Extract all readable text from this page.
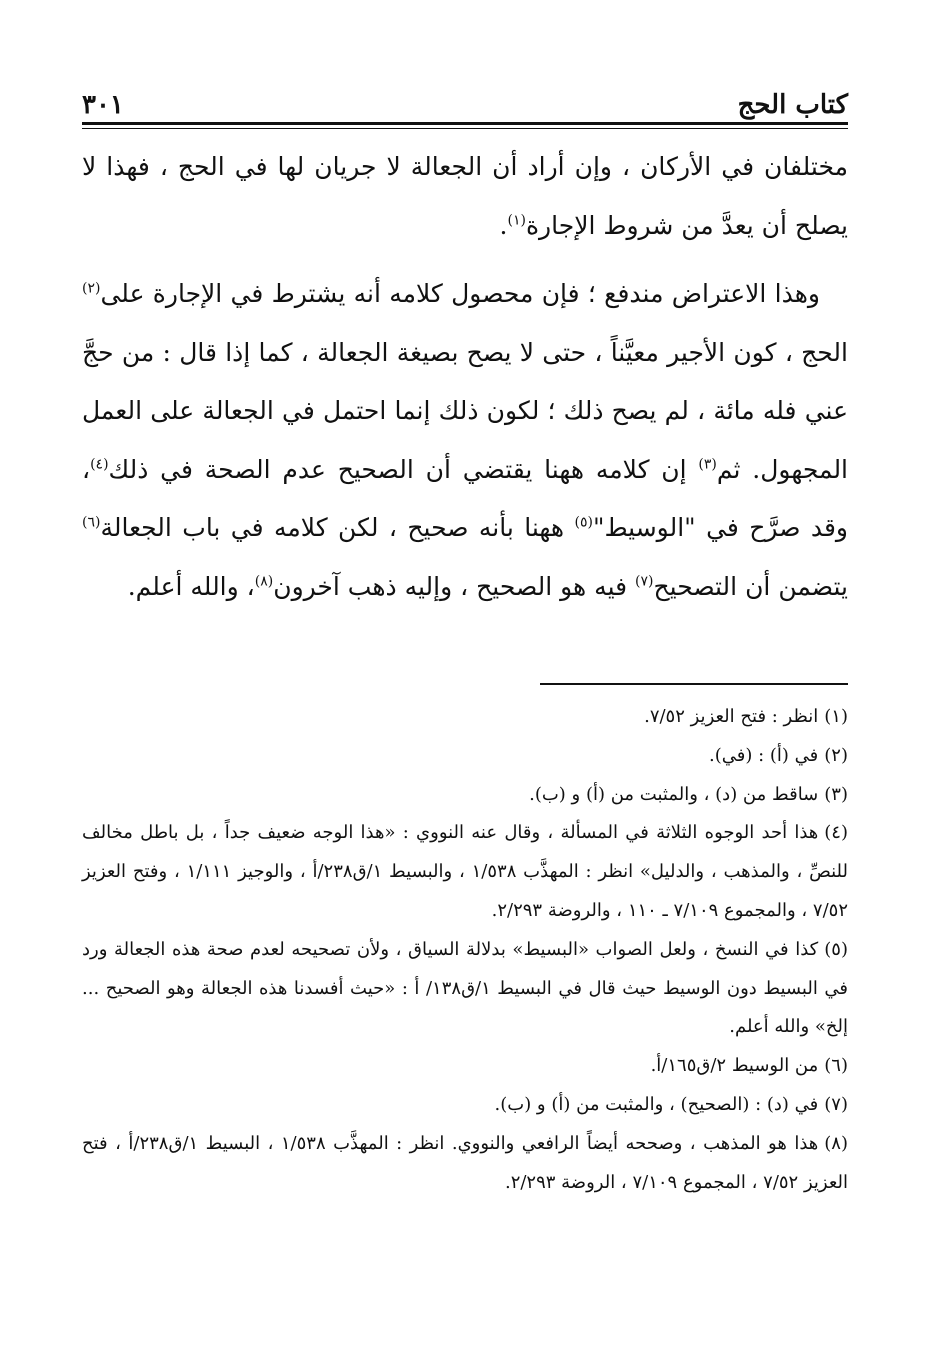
كتاب الحج
٣٠١

مختلفان في الأركان ، وإن أراد أن الجعالة لا جريان لها في الحج ، فهذا لا يصلح أن يعدَّ من شروط الإجارة$^{(١)}$.

وهذا الاعتراض مندفع ؛ فإن محصول كلامه أنه يشترط في الإجارة على$^{(٢)}$ الحج ، كون الأجير معيَّناً ، حتى لا يصح بصيغة الجعالة ، كما إذا قال : من حجَّ عني فله مائة ، لم يصح ذلك ؛ لكون ذلك إنما احتمل في الجعالة على العمل المجهول. ثم$^{(٣)}$ إن كلامه ههنا يقتضي أن الصحيح عدم الصحة في ذلك$^{(٤)}$، وقد صرَّح في "الوسيط"$^{(٥)}$ ههنا بأنه صحيح ، لكن كلامه في باب الجعالة$^{(٦)}$ يتضمن أن التصحيح$^{(٧)}$ فيه هو الصحيح ، وإليه ذهب آخرون$^{(٨)}$، والله أعلم.

(١)انظر : فتح العزيز ٧/٥٢.

(٢)في (أ) : (في).

(٣)ساقط من (د) ، والمثبت من (أ) و (ب).

(٤)هذا أحد الوجوه الثلاثة في المسألة ، وقال عنه النووي : «هذا الوجه ضعيف جداً ، بل باطل مخالف للنصِّ ، والمذهب ، والدليل» انظر : المهذَّب ١/٥٣٨ ، والبسيط ١/ق٢٣٨/أ ، والوجيز ١/١١١ ، وفتح العزيز ٧/٥٢ ، والمجموع ٧/١٠٩ ـ ١١٠ ، والروضة ٢/٢٩٣.

(٥)كذا في النسخ ، ولعل الصواب «البسيط» بدلالة السياق ، ولأن تصحيحه لعدم صحة هذه الجعالة ورد في البسيط دون الوسيط حيث قال في البسيط ١/ق١٣٨/ أ : «حيث أفسدنا هذه الجعالة وهو الصحيح ... إلخ» والله أعلم.

(٦)من الوسيط ٢/ق١٦٥/أ.

(٧)في (د) : (الصحيح) ، والمثبت من (أ) و (ب).

(٨)هذا هو المذهب ، وصححه أيضاً الرافعي والنووي. انظر : المهذَّب ١/٥٣٨ ، البسيط ١/ق٢٣٨/أ ، فتح العزيز ٧/٥٢ ، المجموع ٧/١٠٩ ، الروضة ٢/٢٩٣.
